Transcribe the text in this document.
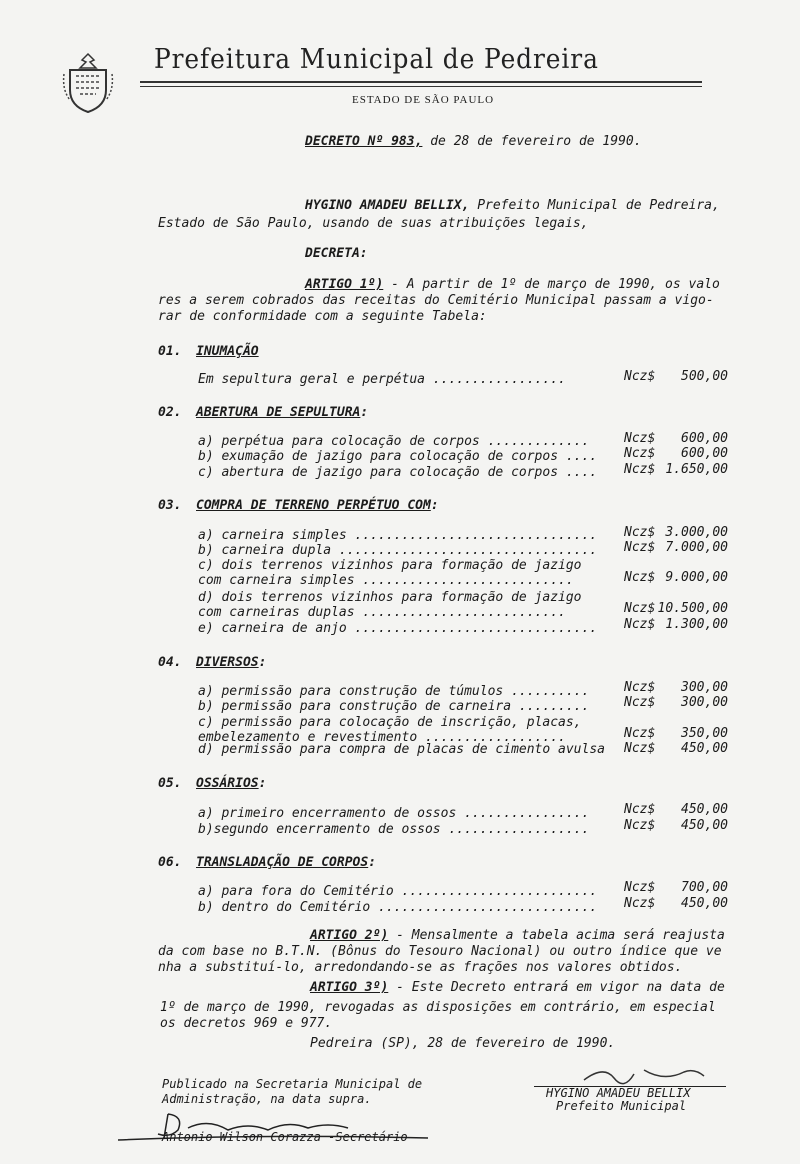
Prefeitura Municipal de Pedreira
ESTADO DE SÃO PAULO
DECRETO Nº 983, de 28 de fevereiro de 1990.
HYGINO AMADEU BELLIX, Prefeito Municipal de Pedreira,
Estado de São Paulo, usando de suas atribuições legais,
DECRETA:
ARTIGO 1º) - A partir de 1º de março de 1990, os valo
res a serem cobrados das receitas do Cemitério Municipal passam a vigo-
rar de conformidade com a seguinte Tabela:
01. INUMAÇÃO
Em sepultura geral e perpétua .................	Ncz$ 500,00
02. ABERTURA DE SEPULTURA:
a) perpétua para colocação de corpos .............	Ncz$ 600,00
b) exumação de jazigo para colocação de corpos .... Ncz$ 600,00
c) abertura de jazigo para colocação de corpos .... Ncz$ 1.650,00
03. COMPRA DE TERRENO PERPÉTUO COM:
a) carneira simples ............................... Ncz$ 3.000,00
b) carneira dupla ................................. Ncz$ 7.000,00
c) dois terrenos vizinhos para formação de jazigo
com carneira simples ...........................	Ncz$ 9.000,00
d) dois terrenos vizinhos para formação de jazigo
com carneiras duplas ..........................	Ncz$ 10.500,00
e) carneira de anjo ............................... Ncz$ 1.300,00
04. DIVERSOS:
a) permissão para construção de túmulos ..........	Ncz$ 300,00
b) permissão para construção de carneira .........	Ncz$ 300,00
c) permissão para colocação de inscrição, placas,
embelezamento e revestimento ..................	Ncz$ 350,00
d) permissão para compra de placas de cimento avulsa Ncz$ 450,00
05. OSSÁRIOS:
a) primeiro encerramento de ossos ................	Ncz$ 450,00
b)segundo encerramento de ossos ..................	Ncz$ 450,00
06. TRANSLADAÇÃO DE CORPOS:
a) para fora do Cemitério ......................... Ncz$ 700,00
b) dentro do Cemitério ............................ Ncz$ 450,00
ARTIGO 2º) - Mensalmente a tabela acima será reajusta
da com base no B.T.N. (Bônus do Tesouro Nacional) ou outro índice que ve
nha a substituí-lo, arredondando-se as frações nos valores obtidos.
ARTIGO 3º) - Este Decreto entrará em vigor na data de
1º de março de 1990, revogadas as disposições em contrário, em especial
os decretos 969 e 977.
Pedreira (SP), 28 de fevereiro de 1990.
HYGINO AMADEU BELLIX
Prefeito Municipal
Publicado na Secretaria Municipal de
Administração, na data supra.
Antonio Wilson Corazza -Secretário
